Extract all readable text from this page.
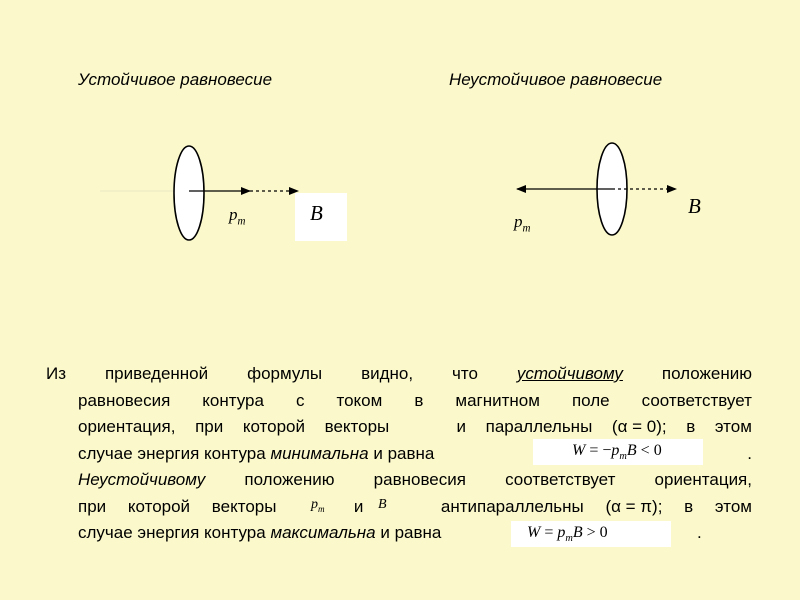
Устойчивое равновесие	Неустойчивое равновесие
$p_m$	B	$p_m$
B
Из приведенной формулы видно, что устойчивому положению
равновесия контура с током в магнитном поле соответствует
ориентация, при которой векторы	и параллельны (α = 0); в этом
случае
энергия
контура
минимальна
и
равна	.
Неустойчивому положению равновесия соответствует ориентация,
при которой векторы	и	антипараллельны (α = π); в этом
случае
энергия
контура
максимальна
и
равна	.
$W = -p_mB < 0$
$W = p_mB > 0$
$p_m$	B
